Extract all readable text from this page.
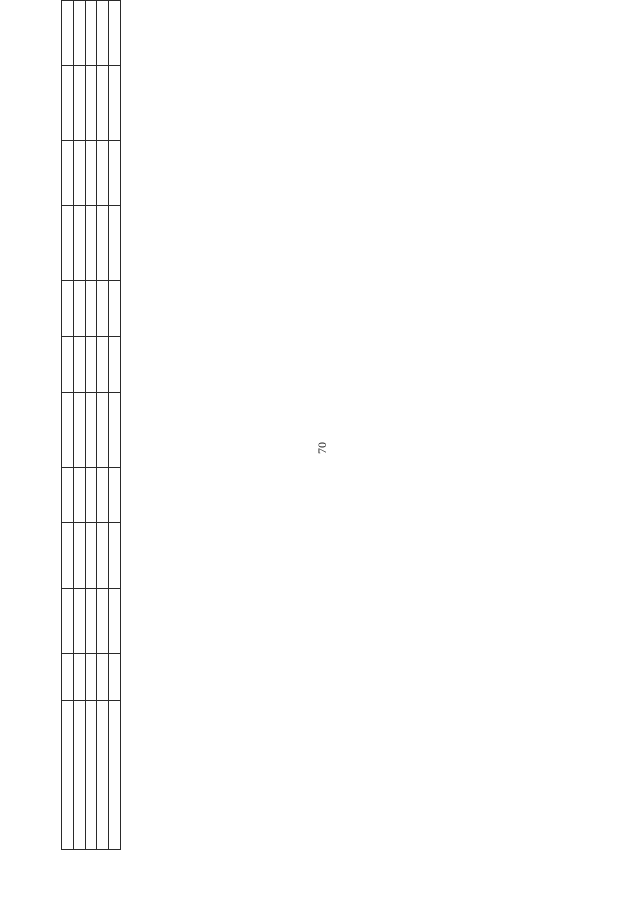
70
